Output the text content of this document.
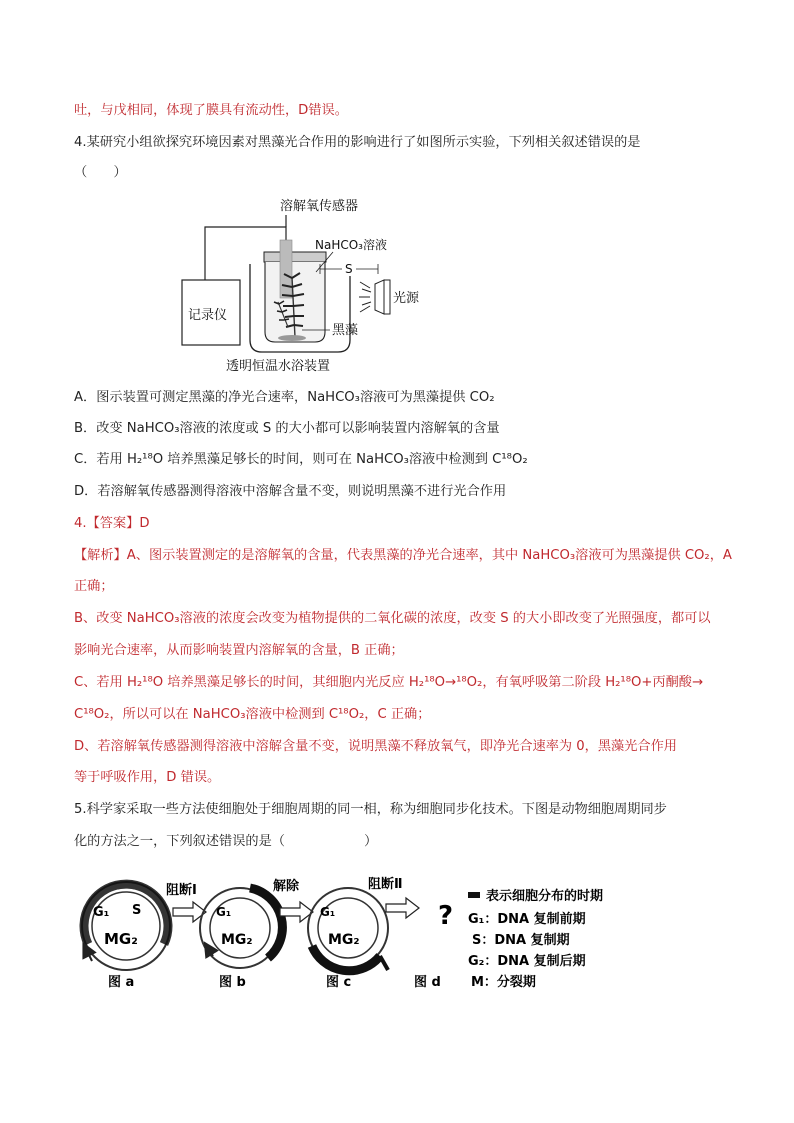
吐，与戊相同，体现了膜具有流动性，D错误。
4.某研究小组欲探究环境因素对黑藻光合作用的影响进行了如图所示实验，下列相关叙述错误的是
（　　）
溶解氧传感器
记录仪
NaHCO₃溶液
S
光源
黑藻
透明恒温水浴装置
A．图示装置可测定黑藻的净光合速率，NaHCO₃溶液可为黑藻提供 CO₂
B．改变 NaHCO₃溶液的浓度或 S 的大小都可以影响装置内溶解氧的含量
C．若用 H₂¹⁸O 培养黑藻足够长的时间，则可在 NaHCO₃溶液中检测到 C¹⁸O₂
D．若溶解氧传感器测得溶液中溶解含量不变，则说明黑藻不进行光合作用
4.【答案】D
【解析】A、图示装置测定的是溶解氧的含量，代表黑藻的净光合速率，其中 NaHCO₃溶液可为黑藻提供 CO₂，A
正确；
B、改变 NaHCO₃溶液的浓度会改变为植物提供的二氧化碳的浓度，改变 S 的大小即改变了光照强度，都可以
影响光合速率，从而影响装置内溶解氧的含量，B 正确；
C、若用 H₂¹⁸O 培养黑藻足够长的时间，其细胞内光反应 H₂¹⁸O→¹⁸O₂，有氧呼吸第二阶段 H₂¹⁸O+丙酮酸→
C¹⁸O₂，所以可以在 NaHCO₃溶液中检测到 C¹⁸O₂，C 正确；
D、若溶解氧传感器测得溶液中溶解含量不变，说明黑藻不释放氧气，即净光合速率为 0，黑藻光合作用
等于呼吸作用，D 错误。
5.科学家采取一些方法使细胞处于细胞周期的同一相，称为细胞同步化技术。下图是动物细胞周期同步
化的方法之一，下列叙述错误的是（　　　　　　）
G₁ S
MG₂
图 a
阻断Ⅰ
G₁
MG₂
图 b
解除
G₁
MG₂
图 c
阻断Ⅱ
?
图 d
表示细胞分布的时期
G₁：DNA 复制前期
S：DNA 复制期
G₂：DNA 复制后期
M：分裂期
